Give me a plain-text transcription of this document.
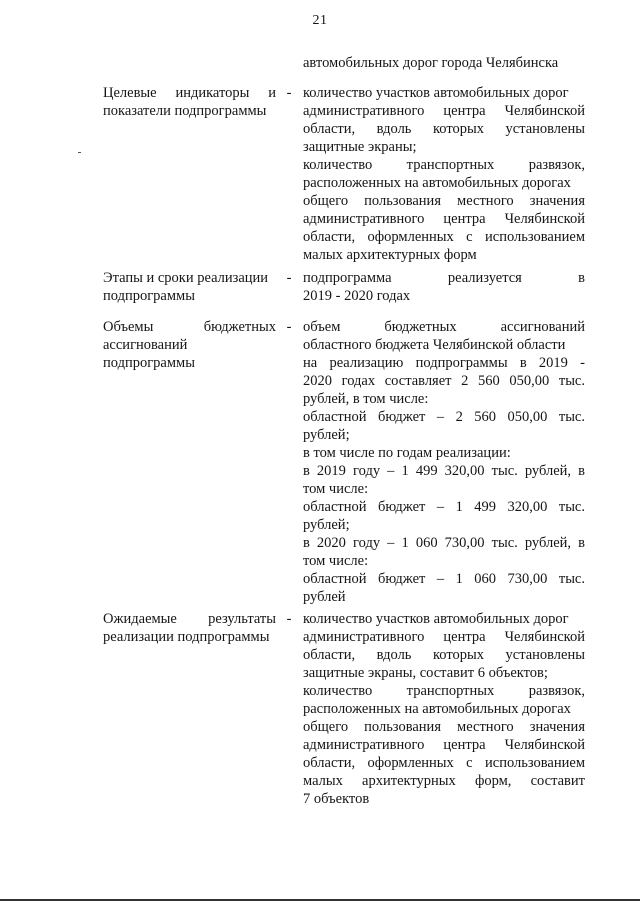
21
автомобильных дорог города Челябинска
Целевые индикаторы и
показатели подпрограммы
- количество участков автомобильных дорог
административного центра Челябинской
области, вдоль которых установлены
защитные экраны;
количество транспортных развязок,
расположенных на автомобильных дорогах
общего пользования местного значения
административного центра Челябинской
области, оформленных с использованием
малых архитектурных форм
Этапы и сроки реализации
подпрограммы
- подпрограмма реализуется в
2019 - 2020 годах
Объемы бюджетных
ассигнований
подпрограммы
- объем бюджетных ассигнований
областного бюджета Челябинской области
на реализацию подпрограммы в 2019 -
2020 годах составляет 2 560 050,00 тыс.
рублей, в том числе:
областной бюджет – 2 560 050,00 тыс.
рублей;
в том числе по годам реализации:
в 2019 году – 1 499 320,00 тыс. рублей, в
том числе:
областной бюджет – 1 499 320,00 тыс.
рублей;
в 2020 году – 1 060 730,00 тыс. рублей, в
том числе:
областной бюджет – 1 060 730,00 тыс.
рублей
Ожидаемые результаты
реализации подпрограммы
- количество участков автомобильных дорог
административного центра Челябинской
области, вдоль которых установлены
защитные экраны, составит 6 объектов;
количество транспортных развязок,
расположенных на автомобильных дорогах
общего пользования местного значения
административного центра Челябинской
области, оформленных с использованием
малых архитектурных форм, составит
7 объектов
